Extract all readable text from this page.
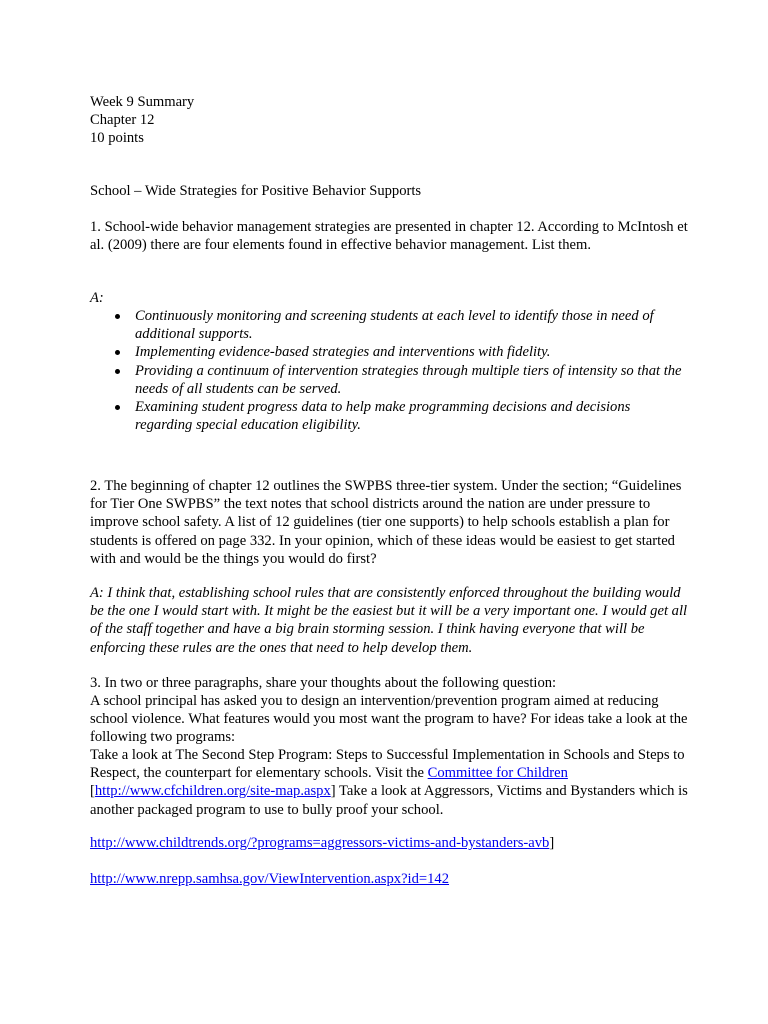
Week 9 Summary

Chapter 12

10 points

School – Wide Strategies for Positive Behavior Supports

1. School-wide behavior management strategies are presented in chapter 12. According to McIntosh et al. (2009) there are four elements found in effective behavior management. List them.

A:

Continuously monitoring and screening students at each level to identify those in need of additional supports.
Implementing evidence-based strategies and interventions with fidelity.
Providing a continuum of intervention strategies through multiple tiers of intensity so that the needs of all students can be served.
Examining student progress data to help make programming decisions and decisions regarding special education eligibility.

2. The beginning of chapter 12 outlines the SWPBS three-tier system. Under the section; “Guidelines for Tier One SWPBS” the text notes that school districts around the nation are under pressure to improve school safety. A list of 12 guidelines (tier one supports) to help schools establish a plan for students is offered on page 332. In your opinion, which of these ideas would be easiest to get started with and would be the things you would do first?

A: I think that, establishing school rules that are consistently enforced throughout the building would be the one I would start with. It might be the easiest but it will be a very important one. I would get all of the staff together and have a big brain storming session. I think having everyone that will be enforcing these rules are the ones that need to help develop them.

3. In two or three paragraphs, share your thoughts about the following question:

A school principal has asked you to design an intervention/prevention program aimed at reducing school violence. What features would you most want the program to have? For ideas take a look at the following two programs:

Take a look at The Second Step Program: Steps to Successful Implementation in Schools and Steps to Respect, the counterpart for elementary schools. Visit the Committee for Children
[http://www.cfchildren.org/site-map.aspx] Take a look at Aggressors, Victims and Bystanders which is another packaged program to use to bully proof your school.

http://www.childtrends.org/?programs=aggressors-victims-and-bystanders-avb]

http://www.nrepp.samhsa.gov/ViewIntervention.aspx?id=142
